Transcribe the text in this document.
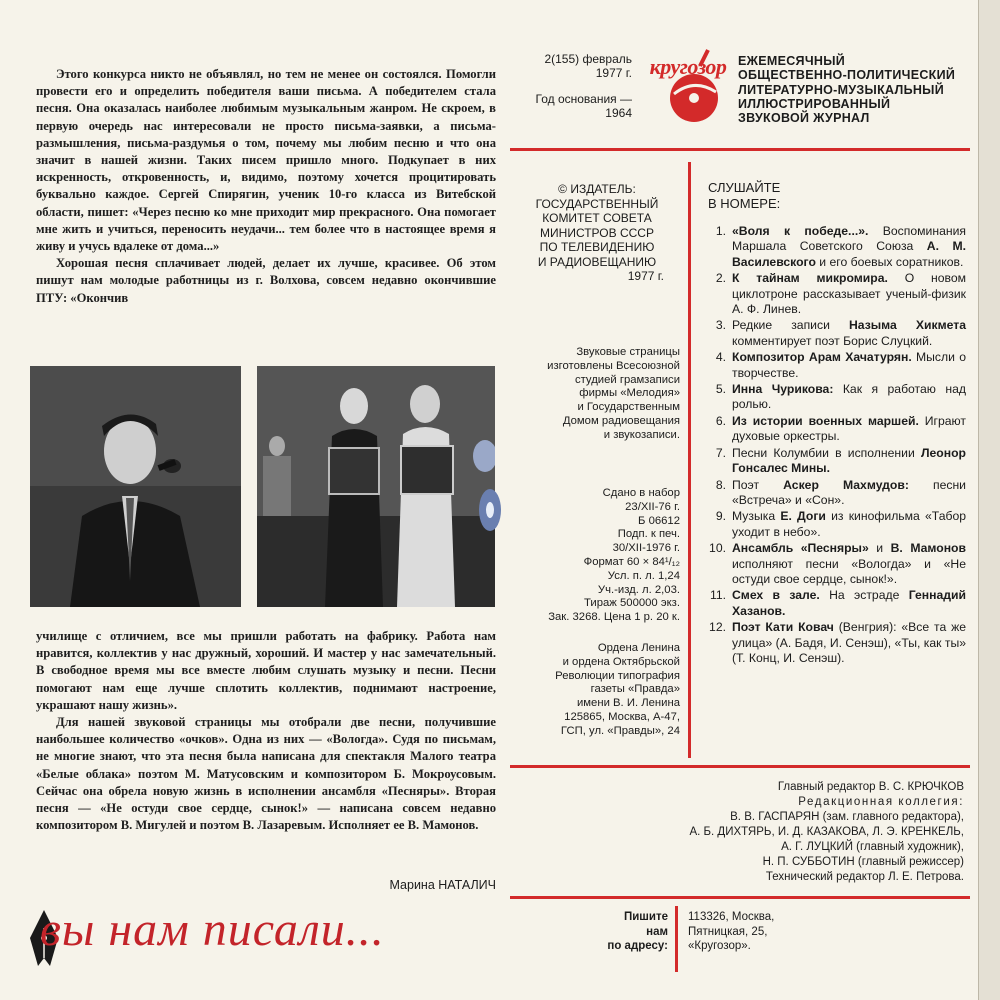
Этого конкурса никто не объявлял, но тем не менее он состоялся. Помогли провести его и определить победителя ваши письма. А победителем стала песня. Она оказалась наиболее любимым музыкальным жанром. Не скроем, в первую очередь нас интересовали не просто письма-заявки, а письма-размышления, письма-раздумья о том, почему мы любим песню и что она значит в нашей жизни. Таких писем пришло много. Подкупает в них искренность, откровенность, и, видимо, поэтому хочется процитировать буквально каждое. Сергей Спирягин, ученик 10-го класса из Витебской области, пишет: «Через песню ко мне приходит мир прекрасного. Она помогает мне жить и учиться, переносить неудачи... тем более что в настоящее время я живу и учусь вдалеке от дома...»

Хорошая песня сплачивает людей, делает их лучше, красивее. Об этом пишут нам молодые работницы из г. Волхова, совсем недавно окончившие ПТУ: «Окончив

училище с отличием, все мы пришли работать на фабрику. Работа нам нравится, коллектив у нас дружный, хороший. И мастер у нас замечательный. В свободное время мы все вместе любим слушать музыку и песни. Песни помогают нам еще лучше сплотить коллектив, поднимают настроение, украшают нашу жизнь».

Для нашей звуковой страницы мы отобрали две песни, получившие наибольшее количество «очков». Одна из них — «Вологда». Судя по письмам, не многие знают, что эта песня была написана для спектакля Малого театра «Белые облака» поэтом М. Матусовским и композитором Б. Мокроусовым. Сейчас она обрела новую жизнь в исполнении ансамбля «Песняры». Вторая песня — «Не остуди свое сердце, сынок!» — написана совсем недавно композитором В. Мигулей и поэтом В. Лазаревым. Исполняет ее В. Мамонов.

Марина НАТАЛИЧ
вы нам писали...
2(155) февраль
1977 г.
Год основания —
1964
кругозор ЕЖЕМЕСЯЧНЫЙ
ОБЩЕСТВЕННО-ПОЛИТИЧЕСКИЙ
ЛИТЕРАТУРНО-МУЗЫКАЛЬНЫЙ
ИЛЛЮСТРИРОВАННЫЙ
ЗВУКОВОЙ ЖУРНАЛ
© ИЗДАТЕЛЬ:
ГОСУДАРСТВЕННЫЙ
КОМИТЕТ СОВЕТА
МИНИСТРОВ СССР
ПО ТЕЛЕВИДЕНИЮ
И РАДИОВЕЩАНИЮ
1977 г.
Звуковые страницы
изготовлены Всесоюзной
студией грамзаписи
фирмы «Мелодия»
и Государственным
Домом радиовещания
и звукозаписи.
Сдано в набор
23/XII-76 г.
Б 06612
Подп. к печ.
30/XII-1976 г.
Формат 60 × 84¹/₁₂
Усл. п. л. 1,24
Уч.-изд. л. 2,03.
Тираж 500000 экз.
Зак. 3268. Цена 1 р. 20 к.
Ордена Ленина
и ордена Октябрьской
Революции типография
газеты «Правда»
имени В. И. Ленина
125865, Москва, А-47,
ГСП, ул. «Правды», 24
СЛУШАЙТЕ
В НОМЕРЕ:
1. «Воля к победе...». Воспоминания Маршала Советского Союза А. М. Василевского и его боевых соратников.
2. К тайнам микромира. О новом циклотроне рассказывает ученый-физик А. Ф. Линев.
3. Редкие записи Назыма Хикмета комментирует поэт Борис Слуцкий.
4. Композитор Арам Хачатурян. Мысли о творчестве.
5. Инна Чурикова: Как я работаю над ролью.
6. Из истории военных маршей. Играют духовые оркестры.
7. Песни Колумбии в исполнении Леонор Гонсалес Мины.
8. Поэт Аскер Махмудов: песни «Встреча» и «Сон».
9. Музыка Е. Доги из кинофильма «Табор уходит в небо».
10. Ансамбль «Песняры» и В. Мамонов исполняют песни «Вологда» и «Не остуди свое сердце, сынок!».
11. Смех в зале. На эстраде Геннадий Хазанов.
12. Поэт Кати Ковач (Венгрия): «Все та же улица» (А. Бадя, И. Сенэш), «Ты, как ты» (Т. Конц, И. Сенэш).
Главный редактор В. С. КРЮЧКОВ
Редакционная коллегия:
В. В. ГАСПАРЯН (зам. главного редактора),
А. Б. ДИХТЯРЬ, И. Д. КАЗАКОВА, Л. Э. КРЕНКЕЛЬ,
А. Г. ЛУЦКИЙ (главный художник),
Н. П. СУББОТИН (главный режиссер)
Технический редактор Л. Е. Петрова.
Пишите
нам
по адресу:
113326, Москва,
Пятницкая, 25,
«Кругозор».
